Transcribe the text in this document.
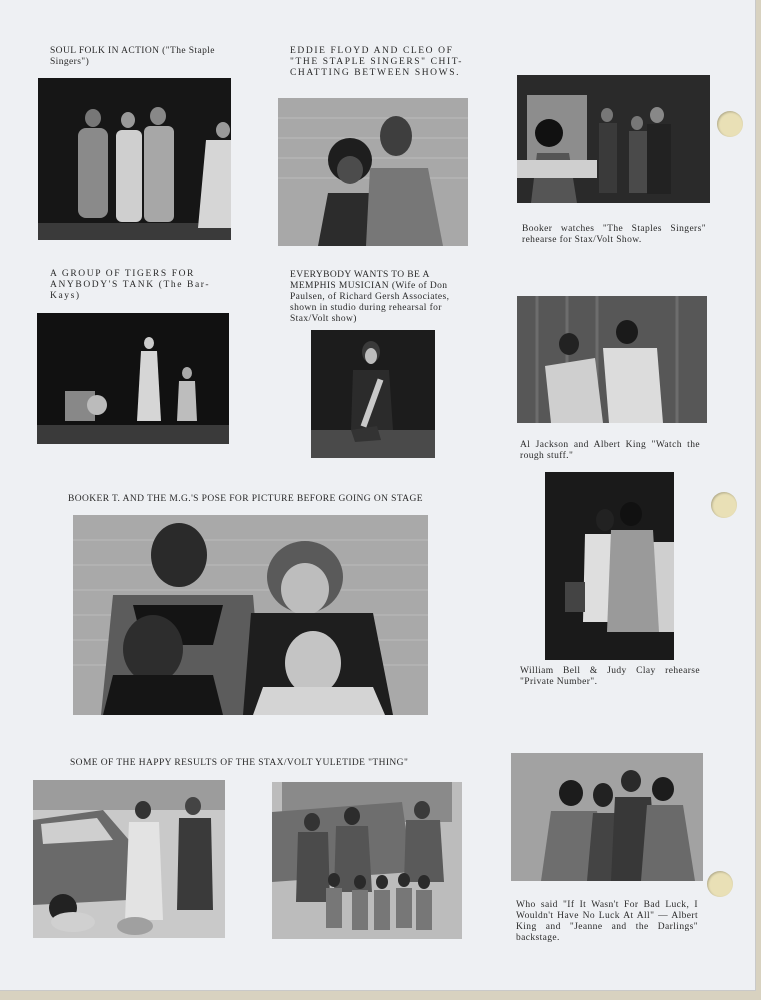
SOUL FOLK IN ACTION ("The Staple Singers")
EDDIE FLOYD AND CLEO OF "THE STAPLE SINGERS" CHIT-CHATTING BETWEEN SHOWS.
Booker watches "The Staples Singers" rehearse for Stax/Volt Show.
A GROUP OF TIGERS FOR ANYBODY'S TANK (The Bar-Kays)
EVERYBODY WANTS TO BE A MEMPHIS MUSICIAN (Wife of Don Paulsen, of Richard Gersh Associates, shown in studio during rehearsal for Stax/Volt show)
Al Jackson and Albert King "Watch the rough stuff."
BOOKER T. AND THE M.G.'S POSE FOR PICTURE BEFORE GOING ON STAGE
William Bell & Judy Clay rehearse "Private Number".
SOME OF THE HAPPY RESULTS OF THE STAX/VOLT YULETIDE "THING"
Who said "If It Wasn't For Bad Luck, I Wouldn't Have No Luck At All" — Albert King and "Jeanne and the Darlings" backstage.
